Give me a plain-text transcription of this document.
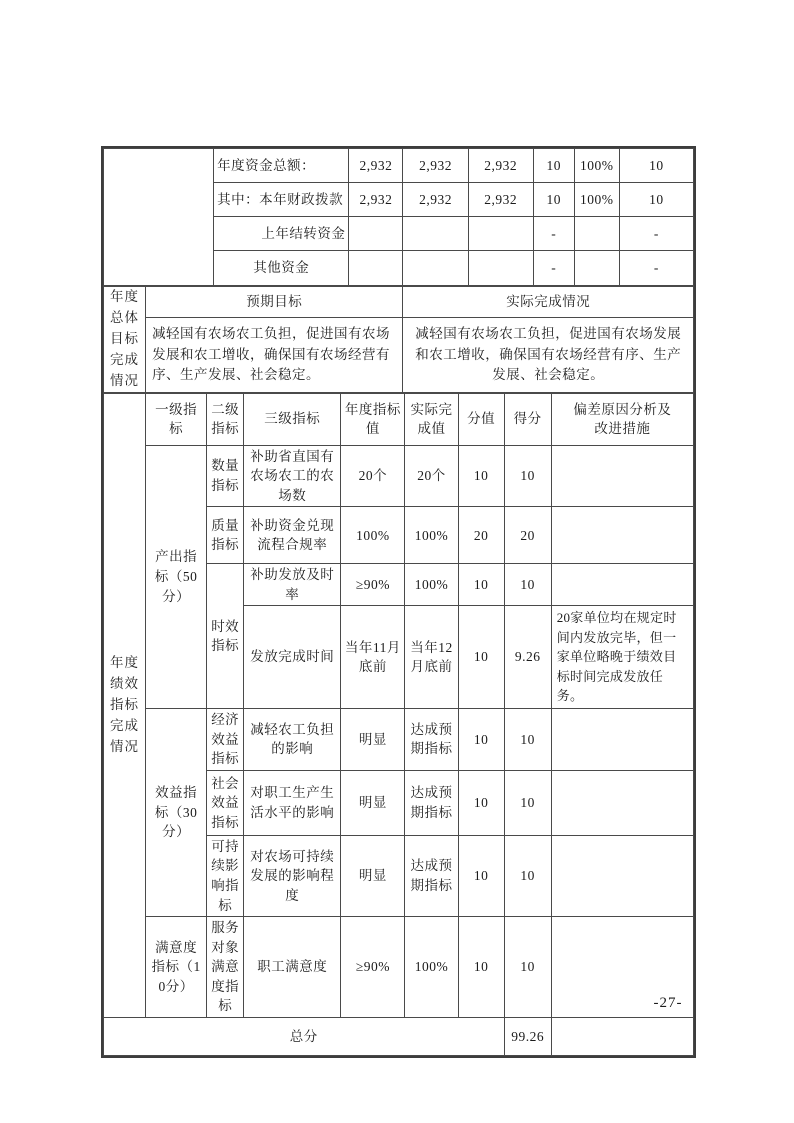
	年度资金总额：	2,932	2,932	2,932	10	100%	10
	其中：本年财政拨款	2,932	2,932	2,932	10	100%	10
	上年结转资金				-		-
	其他资金				-		-
年度总体目标完成情况	预期目标	实际完成情况
	减轻国有农场农工负担，促进国有农场发展和农工增收，确保国有农场经营有序、生产发展、社会稳定。	减轻国有农场农工负担，促进国有农场发展和农工增收，确保国有农场经营有序、生产发展、社会稳定。
年度绩效指标完成情况	一级指标	二级指标	三级指标	年度指标值	实际完成值	分值	得分	偏差原因分析及改进措施
	产出指标（50分）	数量指标	补助省直国有农场农工的农场数	20个	20个	10	10	
		质量指标	补助资金兑现流程合规率	100%	100%	20	20	
		时效指标	补助发放及时率	≥90%	100%	10	10	
			发放完成时间	当年11月底前	当年12月底前	10	9.26	20家单位均在规定时间内发放完毕，但一家单位略晚于绩效目标时间完成发放任务。
	效益指标（30分）	经济效益指标	减轻农工负担的影响	明显	达成预期指标	10	10	
		社会效益指标	对职工生产生活水平的影响	明显	达成预期指标	10	10	
		可持续影响指标	对农场可持续发展的影响程度	明显	达成预期指标	10	10	
	满意度指标（10分）	服务对象满意度指标	职工满意度	≥90%	100%	10	10	
总分							99.26	
-27-
